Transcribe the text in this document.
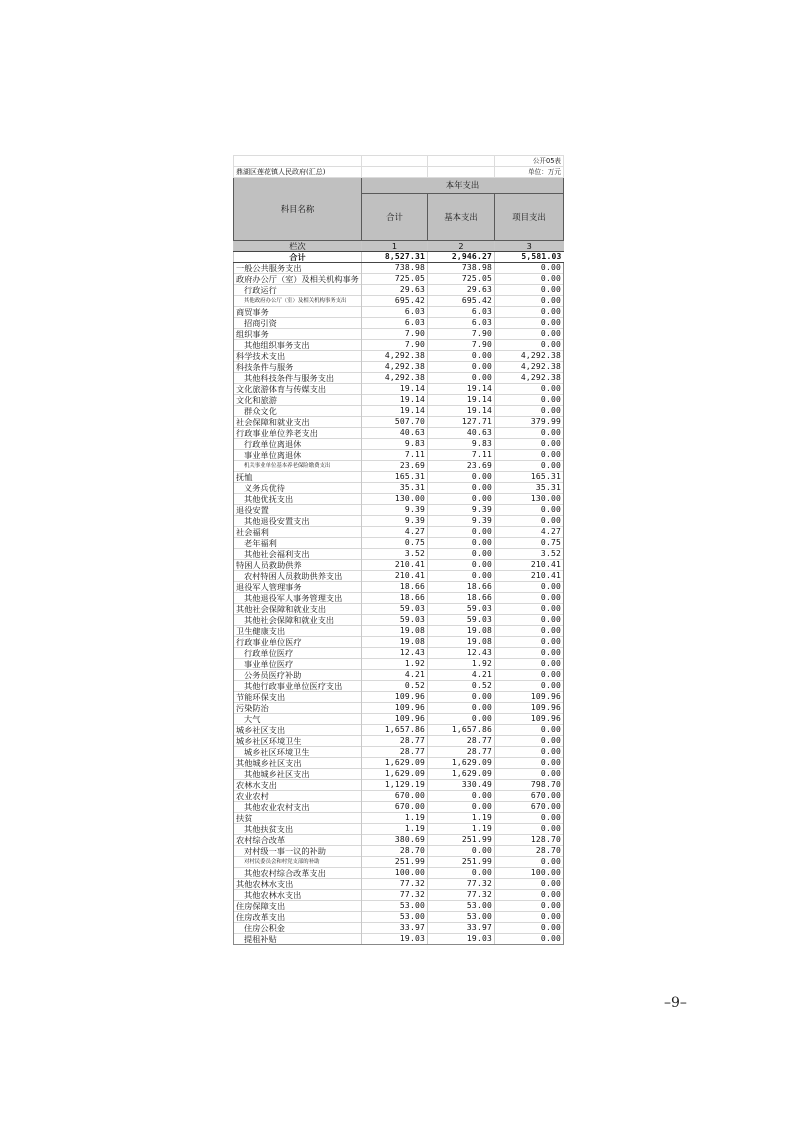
			公开05表
鼎湖区莲花镇人民政府(汇总)			单位：万元
科目名称	本年支出		
	合计	基本支出	项目支出
栏次	1	2	3
合计	8,527.31	2,946.27	5,581.03
一般公共服务支出	738.98	738.98	0.00
政府办公厅（室）及相关机构事务	725.05	725.05	0.00
行政运行	29.63	29.63	0.00
其他政府办公厅（室）及相关机构事务支出	695.42	695.42	0.00
商贸事务	6.03	6.03	0.00
招商引资	6.03	6.03	0.00
组织事务	7.90	7.90	0.00
其他组织事务支出	7.90	7.90	0.00
科学技术支出	4,292.38	0.00	4,292.38
科技条件与服务	4,292.38	0.00	4,292.38
其他科技条件与服务支出	4,292.38	0.00	4,292.38
文化旅游体育与传媒支出	19.14	19.14	0.00
文化和旅游	19.14	19.14	0.00
群众文化	19.14	19.14	0.00
社会保障和就业支出	507.70	127.71	379.99
行政事业单位养老支出	40.63	40.63	0.00
行政单位离退休	9.83	9.83	0.00
事业单位离退休	7.11	7.11	0.00
机关事业单位基本养老保险缴费支出	23.69	23.69	0.00
抚恤	165.31	0.00	165.31
义务兵优待	35.31	0.00	35.31
其他优抚支出	130.00	0.00	130.00
退役安置	9.39	9.39	0.00
其他退役安置支出	9.39	9.39	0.00
社会福利	4.27	0.00	4.27
老年福利	0.75	0.00	0.75
其他社会福利支出	3.52	0.00	3.52
特困人员救助供养	210.41	0.00	210.41
农村特困人员救助供养支出	210.41	0.00	210.41
退役军人管理事务	18.66	18.66	0.00
其他退役军人事务管理支出	18.66	18.66	0.00
其他社会保障和就业支出	59.03	59.03	0.00
其他社会保障和就业支出	59.03	59.03	0.00
卫生健康支出	19.08	19.08	0.00
行政事业单位医疗	19.08	19.08	0.00
行政单位医疗	12.43	12.43	0.00
事业单位医疗	1.92	1.92	0.00
公务员医疗补助	4.21	4.21	0.00
其他行政事业单位医疗支出	0.52	0.52	0.00
节能环保支出	109.96	0.00	109.96
污染防治	109.96	0.00	109.96
大气	109.96	0.00	109.96
城乡社区支出	1,657.86	1,657.86	0.00
城乡社区环境卫生	28.77	28.77	0.00
城乡社区环境卫生	28.77	28.77	0.00
其他城乡社区支出	1,629.09	1,629.09	0.00
其他城乡社区支出	1,629.09	1,629.09	0.00
农林水支出	1,129.19	330.49	798.70
农业农村	670.00	0.00	670.00
其他农业农村支出	670.00	0.00	670.00
扶贫	1.19	1.19	0.00
其他扶贫支出	1.19	1.19	0.00
农村综合改革	380.69	251.99	128.70
对村级一事一议的补助	28.70	0.00	28.70
对村民委员会和村党支部的补助	251.99	251.99	0.00
其他农村综合改革支出	100.00	0.00	100.00
其他农林水支出	77.32	77.32	0.00
其他农林水支出	77.32	77.32	0.00
住房保障支出	53.00	53.00	0.00
住房改革支出	53.00	53.00	0.00
住房公积金	33.97	33.97	0.00
提租补贴	19.03	19.03	0.00
–9–
